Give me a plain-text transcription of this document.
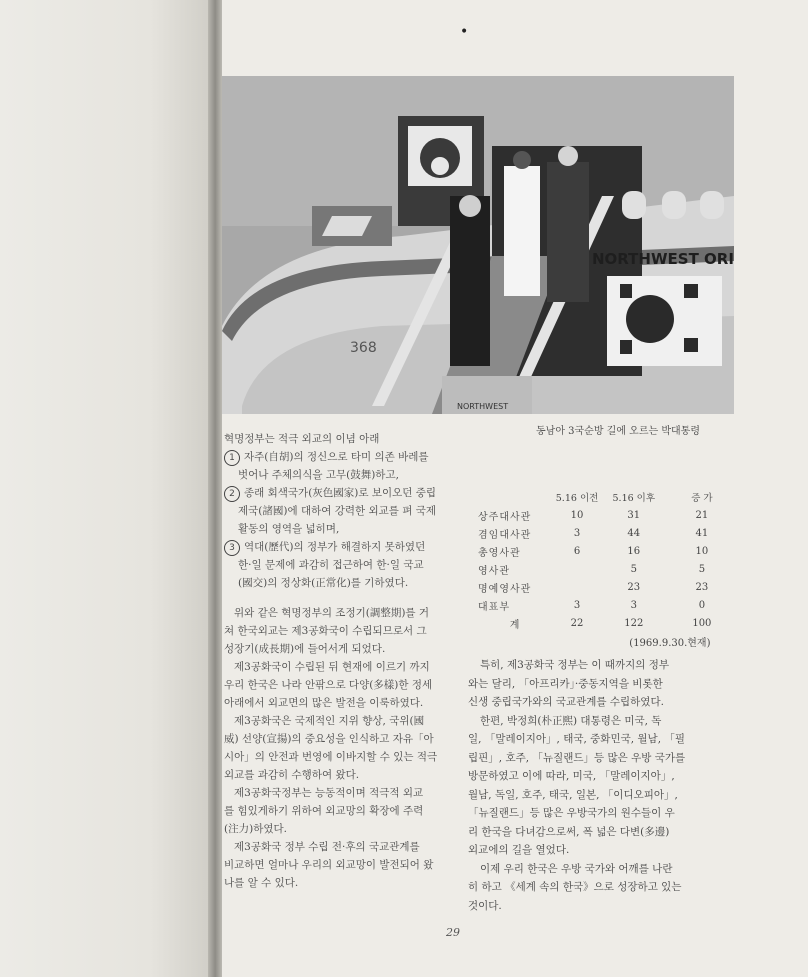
•
NORTHWEST ORI
368
NORTHWEST
동남아 3국순방 길에 오르는 박대통령

혁명정부는 적극 외교의 이념 아래

1 자주(自胡)의 정신으로 타미 의존 바레를

벗어나 주체의식을 고무(鼓舞)하고,

2 종래 회색국가(灰色國家)로 보이오던 중립

제국(諸國)에 대하여 강력한 외교를 펴 국제

활동의 영역을 넓히며,

3 역대(歷代)의 정부가 해결하지 못하였던

한·일 문제에 과감히 접근하여 한·일 국교

(國交)의 정상화(正常化)를 기하였다.

위와 같은 혁명정부의 조정기(調整期)를 거

쳐 한국외교는 제3공화국이 수립되므로서 그

성장기(成長期)에 들어서게 되었다.

제3공화국이 수립된 뒤 현재에 이르기 까지

우리 한국은 나라 안팎으로 다양(多樣)한 정세

아래에서 외교면의 많은 발전을 이룩하였다.

제3공화국은 국제적인 지위 향상, 국위(國

威) 선양(宣揚)의 중요성을 인식하고 자유「아

시아」의 안전과 번영에 이바지할 수 있는 적극

외교를 과감히 수행하여 왔다.

제3공화국정부는 능동적이며 적극적 외교

를 힘있게하기 위하여 외교망의 확장에 주력

(注力)하였다.

제3공화국 정부 수립 전·후의 국교관계를

비교하면 얼마나 우리의 외교망이 발전되어 왔

나를 알 수 있다.

	5.16 이전	5.16 이후	증 가
상주대사관	10	31	21
겸임대사관	3	44	41
총영사관	6	16	10
영사관		5	5
명예영사관		23	23
대표부	3	3	0
계	22	122	100
		(1969.9.30.현재)	

특히, 제3공화국 정부는 이 때까지의 정부

와는 달리, 「아프리카」·중동지역을 비롯한

신생 중립국가와의 국교관계를 수립하였다.

한편, 박정희(朴正熙) 대통령은 미국, 독

일, 「말레이지아」, 태국, 중화민국, 월남, 「필

립핀」, 호주, 「뉴질랜드」등 많은 우방 국가를

방문하였고 이에 따라, 미국, 「말레이지아」,

월남, 독일, 호주, 태국, 일본, 「이디오피아」,

「뉴질랜드」등 많은 우방국가의 원수들이 우

리 한국을 다녀감으로써, 폭 넓은 다변(多邊)

외교에의 길을 열었다.

이제 우리 한국은 우방 국가와 어깨를 나란

히 하고 《세계 속의 한국》으로 성장하고 있는

것이다.

29
